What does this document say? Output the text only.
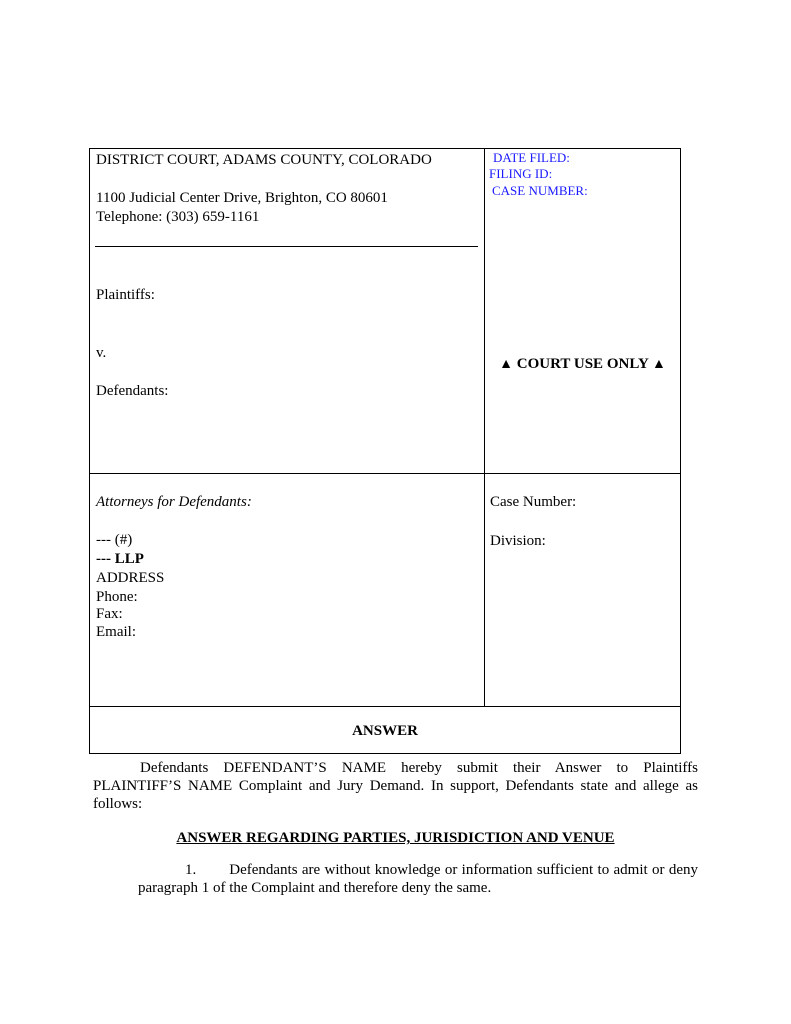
DISTRICT COURT, ADAMS COUNTY, COLORADO
1100 Judicial Center Drive, Brighton, CO 80601
Telephone: (303) 659-1161
Plaintiffs:
v.
Defendants:
DATE FILED:
FILING ID:
CASE NUMBER:
▲ COURT USE ONLY ▲
Attorneys for Defendants:
--- (#)
--- LLP
ADDRESS
Phone:
Fax:
Email:
Case Number:
Division:
ANSWER
Defendants DEFENDANT’S NAME hereby submit their Answer to Plaintiffs PLAINTIFF’S NAME Complaint and Jury Demand. In support, Defendants state and allege as follows:
ANSWER REGARDING PARTIES, JURISDICTION AND VENUE
1. Defendants are without knowledge or information sufficient to admit or deny paragraph 1 of the Complaint and therefore deny the same.
